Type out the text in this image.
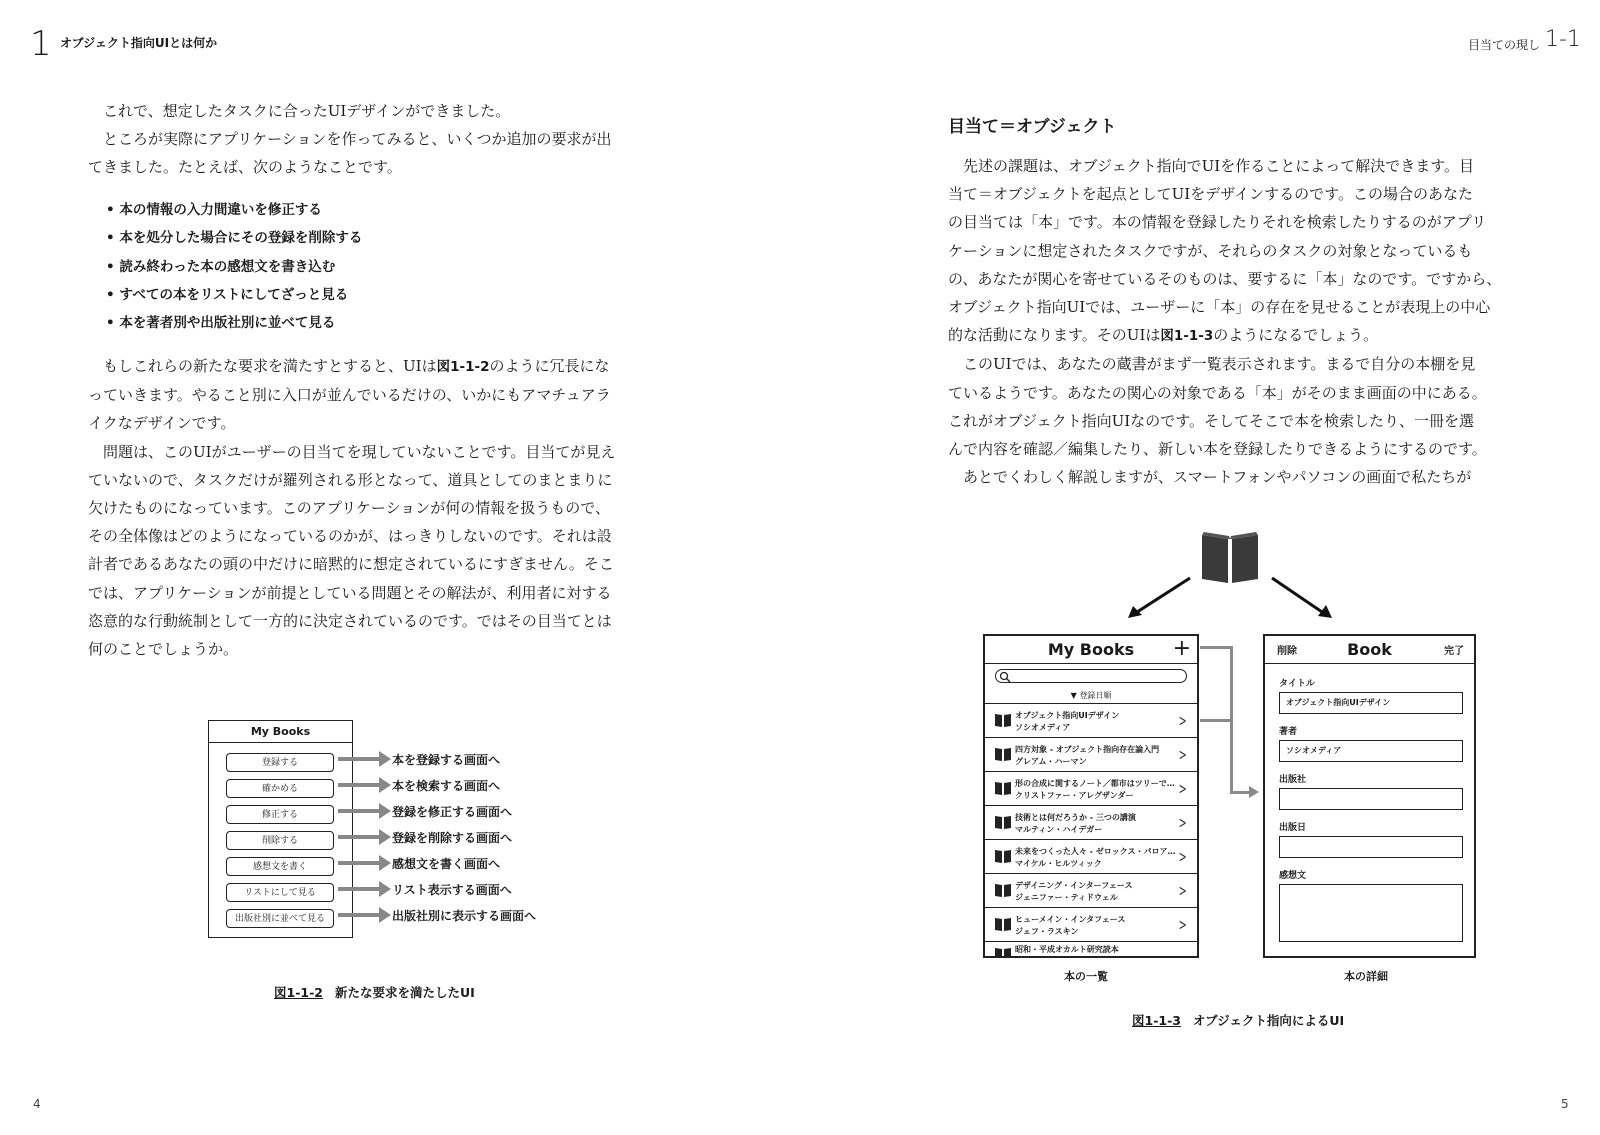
1 オブジェクト指向UIとは何か	目当ての現し 1-1

　これで、想定したタスクに合ったUIデザインができました。

　ところが実際にアプリケーションを作ってみると、いくつか追加の要求が出

てきました。たとえば、次のようなことです。

• 本の情報の入力間違いを修正する
• 本を処分した場合にその登録を削除する
• 読み終わった本の感想文を書き込む
• すべての本をリストにしてざっと見る
• 本を著者別や出版社別に並べて見る

　もしこれらの新たな要求を満たすとすると、UIは図1-1-2のように冗長にな

っていきます。やること別に入口が並んでいるだけの、いかにもアマチュアラ

イクなデザインです。

　問題は、このUIがユーザーの目当てを現していないことです。目当てが見え

ていないので、タスクだけが羅列される形となって、道具としてのまとまりに

欠けたものになっています。このアプリケーションが何の情報を扱うもので、

その全体像はどのようになっているのかが、はっきりしないのです。それは設

計者であるあなたの頭の中だけに暗黙的に想定されているにすぎません。そこ

では、アプリケーションが前提としている問題とその解法が、利用者に対する

恣意的な行動統制として一方的に決定されているのです。ではその目当てとは

何のことでしょうか。

My Books
登録する
確かめる
修正する
削除する
感想文を書く
リストにして見る
出版社別に並べて見る
本を登録する画面へ
本を検索する画面へ
登録を修正する画面へ
登録を削除する画面へ
感想文を書く画面へ
リスト表示する画面へ
出版社別に表示する画面へ
図1-1-2 新たな要求を満たしたUI
4
目当て＝オブジェクト

　先述の課題は、オブジェクト指向でUIを作ることによって解決できます。目

当て＝オブジェクトを起点としてUIをデザインするのです。この場合のあなた

の目当ては「本」です。本の情報を登録したりそれを検索したりするのがアプリ

ケーションに想定されたタスクですが、それらのタスクの対象となっているも

の、あなたが関心を寄せているそのものは、要するに「本」なのです。ですから、

オブジェクト指向UIでは、ユーザーに「本」の存在を見せることが表現上の中心

的な活動になります。そのUIは図1-1-3のようになるでしょう。

　このUIでは、あなたの蔵書がまず一覧表示されます。まるで自分の本棚を見

ているようです。あなたの関心の対象である「本」がそのまま画面の中にある。

これがオブジェクト指向UIなのです。そしてそこで本を検索したり、一冊を選

んで内容を確認／編集したり、新しい本を登録したりできるようにするのです。

　あとでくわしく解説しますが、スマートフォンやパソコンの画面で私たちが

My Books	+
▼ 登録日順
オブジェクト指向UIデザイン
ソシオメディア	>
四方対象 - オブジェクト指向存在論入門
グレアム・ハーマン	>
形の合成に関するノート／都市はツリーで…
クリストファー・アレグザンダー	>
技術とは何だろうか - 三つの講演
マルティン・ハイデガー	>
未来をつくった人々 - ゼロックス・パロア…
マイケル・ヒルツィック	>
デザイニング・インターフェース
ジェニファー・ティドウェル	>
ヒューメイン・インタフェース
ジェフ・ラスキン	>
昭和・平成オカルト研究読本
本の一覧
削除	Book	完了
タイトル
オブジェクト指向UIデザイン
著者
ソシオメディア
出版社
出版日
感想文
本の詳細
図1-1-3 オブジェクト指向によるUI
5
